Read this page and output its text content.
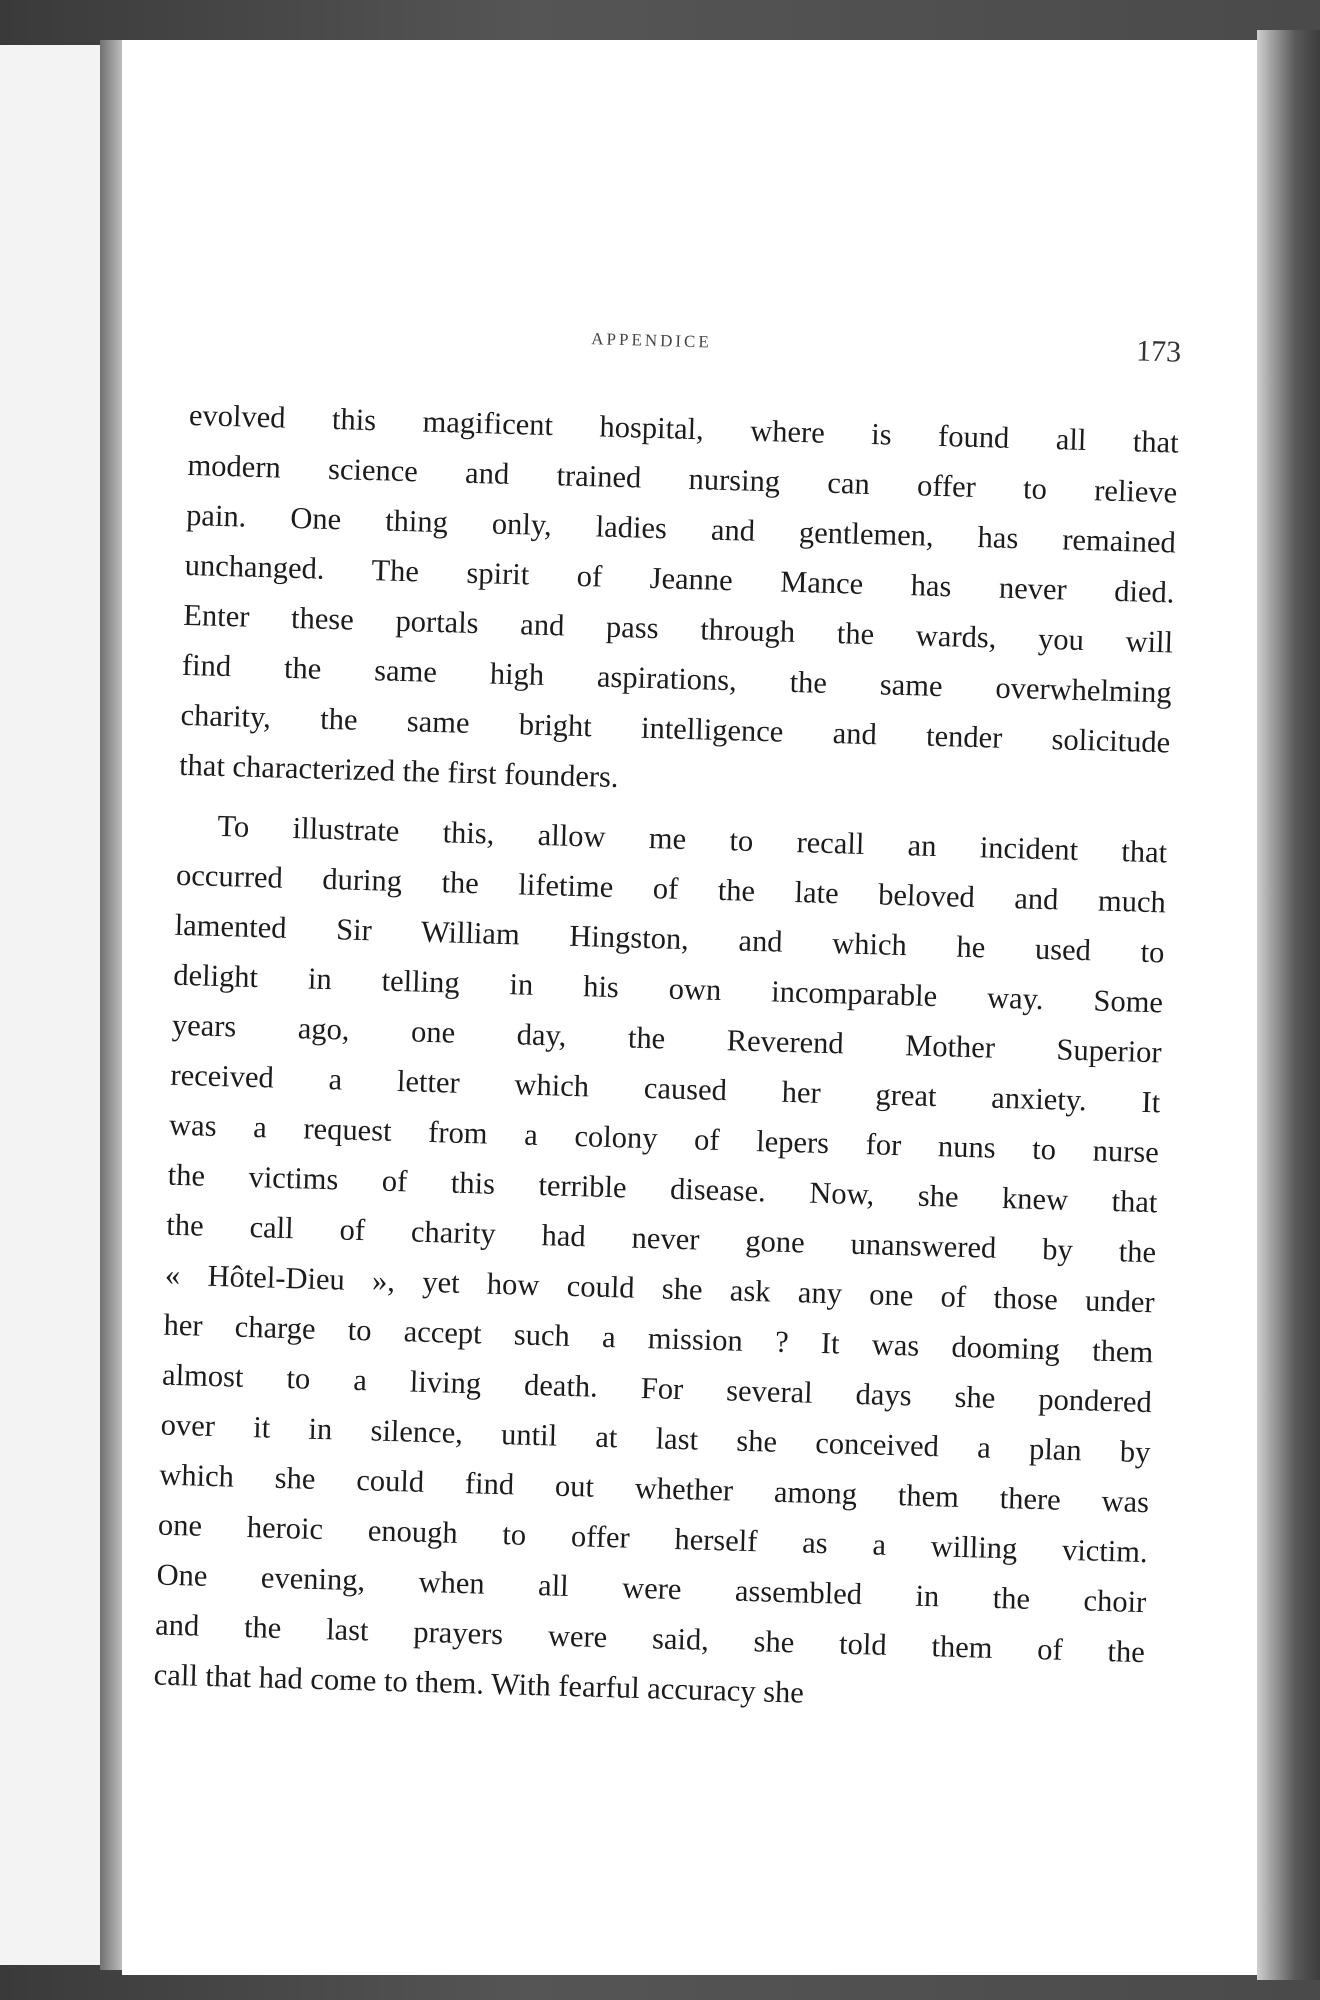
APPENDICE	173

evolved this magificent hospital, where is found all that
modern science and trained nursing can offer to relieve
pain. One thing only, ladies and gentlemen, has remained
unchanged. The spirit of Jeanne Mance has never died.
Enter these portals and pass through the wards, you will
find the same high aspirations, the same overwhelming
charity, the same bright intelligence and tender solicitude
that characterized the first founders.

To illustrate this, allow me to recall an incident that
occurred during the lifetime of the late beloved and much
lamented Sir William Hingston, and which he used to
delight in telling in his own incomparable way. Some
years ago, one day, the Reverend Mother Superior
received a letter which caused her great anxiety. It
was a request from a colony of lepers for nuns to nurse
the victims of this terrible disease. Now, she knew that
the call of charity had never gone unanswered by the
« Hôtel-Dieu », yet how could she ask any one of those under
her charge to accept such a mission ? It was dooming them
almost to a living death. For several days she pondered
over it in silence, until at last she conceived a plan by
which she could find out whether among them there was
one heroic enough to offer herself as a willing victim.
One evening, when all were assembled in the choir
and the last prayers were said, she told them of the
call that had come to them. With fearful accuracy she
